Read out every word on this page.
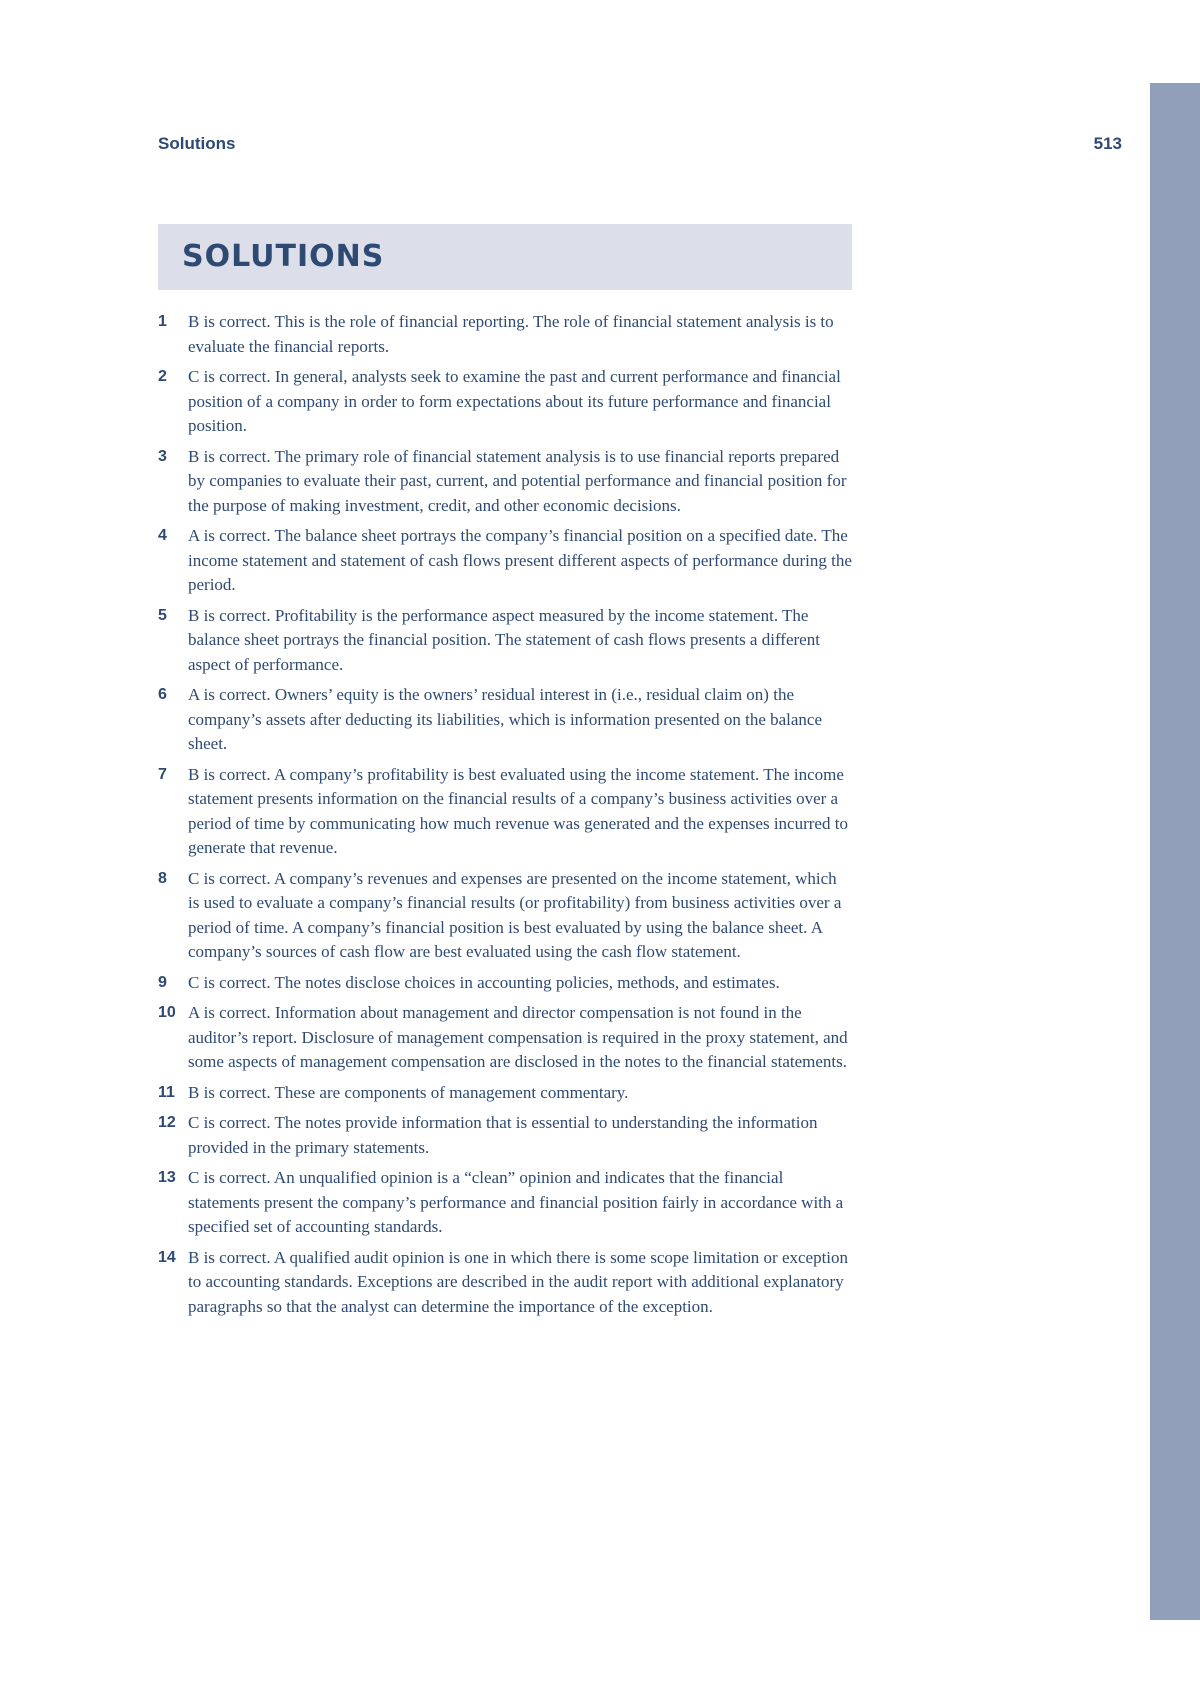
Solutions	513
SOLUTIONS
1 B is correct. This is the role of financial reporting. The role of financial statement analysis is to evaluate the financial reports.
2 C is correct. In general, analysts seek to examine the past and current performance and financial position of a company in order to form expectations about its future performance and financial position.
3 B is correct. The primary role of financial statement analysis is to use financial reports prepared by companies to evaluate their past, current, and potential performance and financial position for the purpose of making investment, credit, and other economic decisions.
4 A is correct. The balance sheet portrays the company’s financial position on a specified date. The income statement and statement of cash flows present different aspects of performance during the period.
5 B is correct. Profitability is the performance aspect measured by the income statement. The balance sheet portrays the financial position. The statement of cash flows presents a different aspect of performance.
6 A is correct. Owners’ equity is the owners’ residual interest in (i.e., residual claim on) the company’s assets after deducting its liabilities, which is information presented on the balance sheet.
7 B is correct. A company’s profitability is best evaluated using the income statement. The income statement presents information on the financial results of a company’s business activities over a period of time by communicating how much revenue was generated and the expenses incurred to generate that revenue.
8 C is correct. A company’s revenues and expenses are presented on the income statement, which is used to evaluate a company’s financial results (or profitability) from business activities over a period of time. A company’s financial position is best evaluated by using the balance sheet. A company’s sources of cash flow are best evaluated using the cash flow statement.
9 C is correct. The notes disclose choices in accounting policies, methods, and estimates.
10 A is correct. Information about management and director compensation is not found in the auditor’s report. Disclosure of management compensation is required in the proxy statement, and some aspects of management compensation are disclosed in the notes to the financial statements.
11 B is correct. These are components of management commentary.
12 C is correct. The notes provide information that is essential to understanding the information provided in the primary statements.
13 C is correct. An unqualified opinion is a “clean” opinion and indicates that the financial statements present the company’s performance and financial position fairly in accordance with a specified set of accounting standards.
14 B is correct. A qualified audit opinion is one in which there is some scope limitation or exception to accounting standards. Exceptions are described in the audit report with additional explanatory paragraphs so that the analyst can determine the importance of the exception.
